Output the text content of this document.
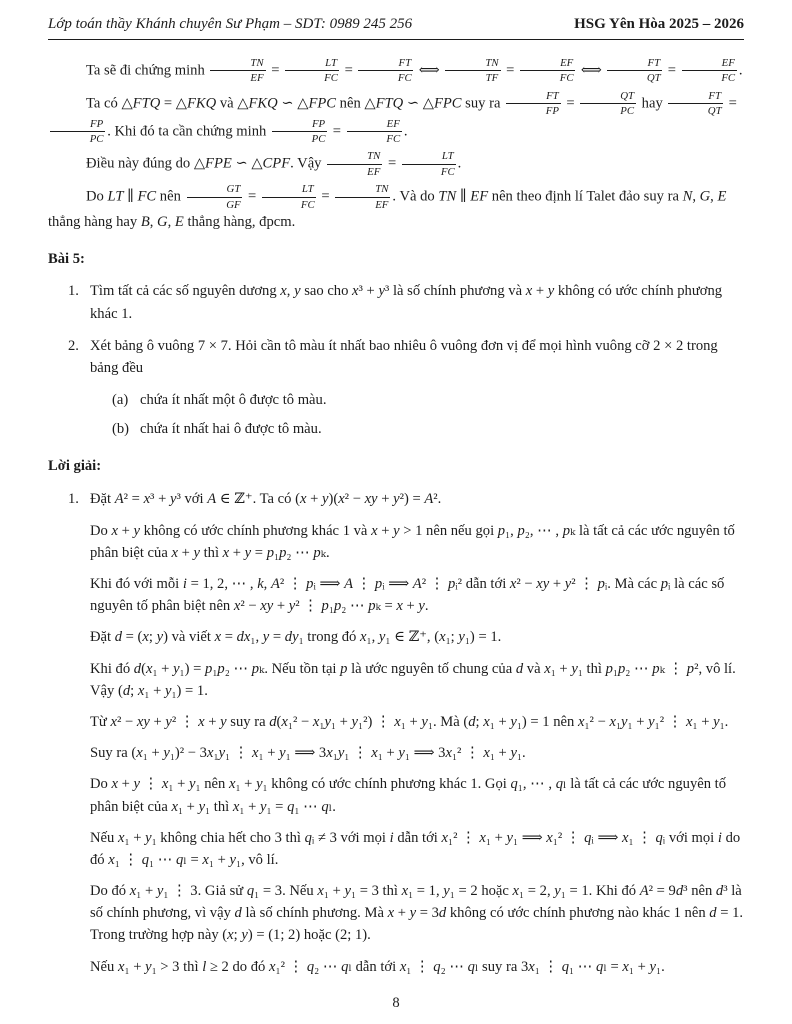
Lớp toán thầy Khánh chuyên Sư Phạm – SDT: 0989 245 256	HSG Yên Hòa 2025 – 2026

Ta sẽ đi chứng minh $\frac{TN}{EF} = \frac{LT}{FC} = \frac{FT}{FC}$ ⟺ $\frac{TN}{TF} = \frac{EF}{FC}$ ⟺ $\frac{FT}{QT} = \frac{EF}{FC}$ .

Ta có △FTQ = △FKQ và △FKQ ∽ △FPC nên △FTQ ∽ △FPC suy ra $\frac{FT}{FP} = \frac{QT}{PC}$ hay $\frac{FT}{QT}$ =
$\frac{FP}{PC}$ . Khi đó ta cần chứng minh $\frac{FP}{PC} = \frac{EF}{FC}$ .

Điều này đúng do △FPE ∽ △CPF. Vậy $\frac{TN}{EF} = \frac{LT}{FC}$ .

Do LT ∥ FC nên $\frac{GT}{GF} = \frac{LT}{FC} = \frac{TN}{EF}$ . Và do TN ∥ EF nên theo định lí Talet đảo suy ra N, G, E thẳng hàng hay B, G, E thẳng hàng, đpcm.

Bài 5:

1. Tìm tất cả các số nguyên dương x, y sao cho x³ + y³ là số chính phương và x + y không có ước chính phương khác 1.
2. Xét bảng ô vuông 7 × 7. Hỏi cần tô màu ít nhất bao nhiêu ô vuông đơn vị để mọi hình vuông cỡ 2 × 2 trong bảng đều
(a) chứa ít nhất một ô được tô màu.
(b) chứa ít nhất hai ô được tô màu.

Lời giải:

1. Đặt A² = x³ + y³ với A ∈ ℤ⁺. Ta có (x + y)(x² − xy + y²) = A².

Do x + y không có ước chính phương khác 1 và x + y > 1 nên nếu gọi p₁, p₂, ⋯ , pₖ là tất cả các ước nguyên tố phân biệt của x + y thì x + y = p₁p₂ ⋯ pₖ.

Khi đó với mỗi i = 1, 2, ⋯ , k, A² ⋮ pᵢ ⟹ A ⋮ pᵢ ⟹ A² ⋮ pᵢ² dẫn tới x² − xy + y² ⋮ pᵢ. Mà các pᵢ là các số nguyên tố phân biệt nên x² − xy + y² ⋮ p₁p₂ ⋯ pₖ = x + y.

Đặt d = (x; y) và viết x = dx₁, y = dy₁ trong đó x₁, y₁ ∈ ℤ⁺, (x₁; y₁) = 1.

Khi đó d(x₁ + y₁) = p₁p₂ ⋯ pₖ. Nếu tồn tại p là ước nguyên tố chung của d và x₁ + y₁ thì p₁p₂ ⋯ pₖ ⋮ p², vô lí. Vậy (d; x₁ + y₁) = 1.

Từ x² − xy + y² ⋮ x + y suy ra d(x₁² − x₁y₁ + y₁²) ⋮ x₁ + y₁. Mà (d; x₁ + y₁) = 1 nên x₁² − x₁y₁ + y₁² ⋮ x₁ + y₁.

Suy ra (x₁ + y₁)² − 3x₁y₁ ⋮ x₁ + y₁ ⟹ 3x₁y₁ ⋮ x₁ + y₁ ⟹ 3x₁² ⋮ x₁ + y₁.

Do x + y ⋮ x₁ + y₁ nên x₁ + y₁ không có ước chính phương khác 1. Gọi q₁, ⋯ , qₗ là tất cả các ước nguyên tố phân biệt của x₁ + y₁ thì x₁ + y₁ = q₁ ⋯ qₗ.

Nếu x₁ + y₁ không chia hết cho 3 thì qᵢ ≠ 3 với mọi i dẫn tới x₁² ⋮ x₁ + y₁ ⟹ x₁² ⋮ qᵢ ⟹ x₁ ⋮ qᵢ với mọi i do đó x₁ ⋮ q₁ ⋯ qₗ = x₁ + y₁, vô lí.

Do đó x₁ + y₁ ⋮ 3. Giả sử q₁ = 3. Nếu x₁ + y₁ = 3 thì x₁ = 1, y₁ = 2 hoặc x₁ = 2, y₁ = 1. Khi đó A² = 9d³ nên d³ là số chính phương, vì vậy d là số chính phương. Mà x + y = 3d không có ước chính phương nào khác 1 nên d = 1. Trong trường hợp này (x; y) = (1; 2) hoặc (2; 1).

Nếu x₁ + y₁ > 3 thì l ≥ 2 do đó x₁² ⋮ q₂ ⋯ qₗ dẫn tới x₁ ⋮ q₂ ⋯ qₗ suy ra 3x₁ ⋮ q₁ ⋯ qₗ = x₁ + y₁.

8
